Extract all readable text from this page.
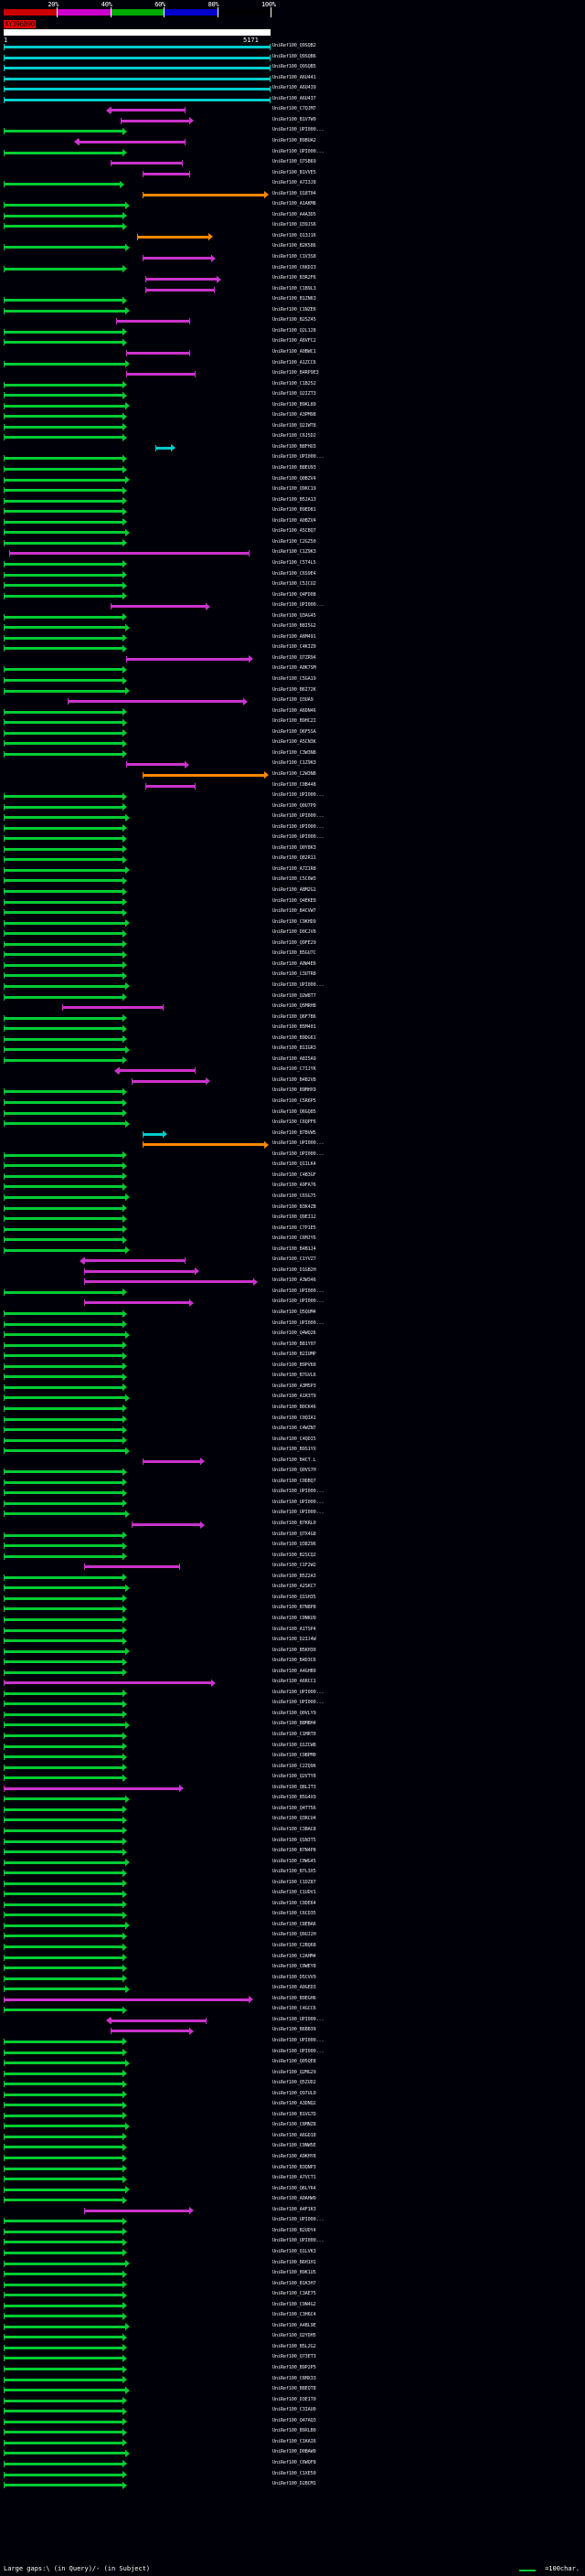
20%	40%	60%	80%	100%
AY396890
1	5171
UniRef100_Q9SQB2
UniRef100_Q9SQB6
UniRef100_Q9SQB5
UniRef100_A6U441
UniRef100_A6U439
UniRef100_A6U437
UniRef100_C7QJM7
UniRef100_B1V7W9
UniRef100_UPI000...
UniRef100_B9BUA2
UniRef100_UPI000...
UniRef100_Q7SB69
UniRef100_B1VVE5
UniRef100_A7I3J8
UniRef100_Q18T04
UniRef100_A1AKM8
UniRef100_A4A3D5
UniRef100_Q39JS6
UniRef100_Q13J16
UniRef100_B2K586
UniRef100_C1V3S8
UniRef100_C6KDI3
UniRef100_B3R2F6
UniRef100_C1B9L3
UniRef100_B1ZN63
UniRef100_C1NZE6
UniRef100_B2SZ45
UniRef100_Q2L128
UniRef100_A6VFC2
UniRef100_A0BWC1
UniRef100_A1ZCC6
UniRef100_B4RP9E3
UniRef100_C1B252
UniRef100_Q2IZT3
UniRef100_B9KL89
UniRef100_A3PM98
UniRef100_Q2JWT8
UniRef100_C6J5D2
UniRef100_B8FHU3
UniRef100_UPI000...
UniRef100_B8EU93
UniRef100_Q0BZV4
UniRef100_Q9KC19
UniRef100_B5JA13
UniRef100_B9ED81
UniRef100_A0BZV4
UniRef100_A5CBQ7
UniRef100_C2GZ50
UniRef100_C1Z9K3
UniRef100_C5T4L5
UniRef100_C6S9E4
UniRef100_C5JCU2
UniRef100_Q4FD08
UniRef100_UPI000...
UniRef100_Q3AG45
UniRef100_B8I5G2
UniRef100_A6M491
UniRef100_C4KIZ0
UniRef100_Q7ZR94
UniRef100_A0K7SM
UniRef100_C5GA19
UniRef100_B6I72K
UniRef100_Q3UA9
UniRef100_A6DN46
UniRef100_B9HC2I
UniRef100_Q6F5SA
UniRef100_A5CN3K
UniRef100_C3W3N8
UniRef100_C1Z9K3
UniRef100_C2W3N8
UniRef100_C0B448
UniRef100_UPI000...
UniRef100_Q0U7P9
UniRef100_UPI000...
UniRef100_UPI000...
UniRef100_UPI000...
UniRef100_Q0Y8K3
UniRef100_Q82R11
UniRef100_A7Z1R8
UniRef100_C5C6W3
UniRef100_A8M2G1
UniRef100_Q4EKE0
UniRef100_B4CVW7
UniRef100_C9KHD9
UniRef100_D0CJV8
UniRef100_Q9FE29
UniRef100_B5GU7C
UniRef100_A0W4E6
UniRef100_C3UTR8
UniRef100_UPI000...
UniRef100_Q2W8T7
UniRef100_Q5MRH8
UniRef100_Q6F7B6
UniRef100_B5M401
UniRef100_B9DG61
UniRef100_B1IGR3
UniRef100_A8I5A9
UniRef100_C7IJYK
UniRef100_B4B2V8
UniRef100_B9MHX9
UniRef100_C5R6P5
UniRef100_Q6GQ85
UniRef100_C6QPF6
UniRef100_B7BVW5
UniRef100_UPI000...
UniRef100_UPI000...
UniRef100_Q1ILK4
UniRef100_C4B3GF
UniRef100_A9FA76
UniRef100_C6SG75
UniRef100_B3K4ZB
UniRef100_Q9EI12
UniRef100_C7P1E5
UniRef100_C6MJY6
UniRef100_B4B1J4
UniRef100_C1YVZ7
UniRef100_D1GB2H
UniRef100_A3W346
UniRef100_UPI000...
UniRef100_UPI000...
UniRef100_Q5QUM4
UniRef100_UPI000...
UniRef100_Q4WQ26
UniRef100_B81Y07
UniRef100_B2IUMP
UniRef100_B9PV60
UniRef100_B7GVL6
UniRef100_A3M5P3
UniRef100_A1R3T9
UniRef100_B0CK46
UniRef100_C0QIA1
UniRef100_C4WZN7
UniRef100_C4QDI5
UniRef100_B9S1YX
UniRef100_B4CT.L
UniRef100_Q0VS7H
UniRef100_C0DBQ7
UniRef100_UPI000...
UniRef100_UPI000...
UniRef100_UPI000...
UniRef100_B7KRL0
UniRef100_Q7X4G8
UniRef100_Q38Z96
UniRef100_B2SCQ2
UniRef100_C1F2W2
UniRef100_B5Z2A3
UniRef100_A2SKC7
UniRef100_Q1SH35
UniRef100_B7N8P8
UniRef100_C0NKU9
UniRef100_A1TSP4
UniRef100_D2IJ4W
UniRef100_B5KH30
UniRef100_B4D3C6
UniRef100_A4GHB9
UniRef100_A6RCC1
UniRef100_UPI000...
UniRef100_UPI000...
UniRef100_Q0VLY9
UniRef100_B8MBH4
UniRef100_C1MRT0
UniRef100_Q1ZCW8
UniRef100_C9BPM0
UniRef100_C2ZQ96
UniRef100_Q2VTY8
UniRef100_Q8LIT3
UniRef100_B5G4X9
UniRef100_Q4TT56
UniRef100_Q3RCU4
UniRef100_C3BAC8
UniRef100_Q1N3T5
UniRef100_B7N4P8
UniRef100_C0WG45
UniRef100_B7L3X5
UniRef100_C1DZ87
UniRef100_C1UDV1
UniRef100_C0DE64
UniRef100_C6CD35
UniRef100_C8EBA6
UniRef100_Q9UJ2H
UniRef100_C2BQ68
UniRef100_C2AHM4
UniRef100_C0WEY8
UniRef100_D5CVV9
UniRef100_A0GED3
UniRef100_B9EGH6
UniRef100_C4GCC6
UniRef100_UPI000...
UniRef100_B6BB39
UniRef100_UPI000...
UniRef100_UPI000...
UniRef100_Q05QE8
UniRef100_Q2MG29
UniRef100_Q5ZUD2
UniRef100_Q97UL0
UniRef100_A3DNQ2
UniRef100_B1VG7D
UniRef100_C6MNZ8
UniRef100_A6GD18
UniRef100_C9NW5E
UniRef100_A9KHY8
UniRef100_B3QNP3
UniRef100_A7VCT1
UniRef100_Q6LY64
UniRef100_A0AHW9
UniRef100_A4F1K3
UniRef100_UPI000...
UniRef100_B2UDY4
UniRef100_UPI000...
UniRef100_Q1LVK3
UniRef100_B6H1H1
UniRef100_B9K1U5
UniRef100_B1K3H7
UniRef100_C3AE75
UniRef100_C9N4G2
UniRef100_C3H6C4
UniRef100_A4BL9E
UniRef100_Q2YDH5
UniRef100_B5L2G2
UniRef100_Q73ET3
UniRef100_B9P2P5
UniRef100_C6MX33
UniRef100_B8EQT8
UniRef100_D3E1T0
UniRef100_C3IAU0
UniRef100_Q47AQ3
UniRef100_B9XLB0
UniRef100_C1KAI6
UniRef100_D0BAW9
UniRef100_C6WQF8
UniRef100_C1XE50
UniRef100_D2BCM1
Large gaps:\ (in Query)/- (in Subject)	=100char.
